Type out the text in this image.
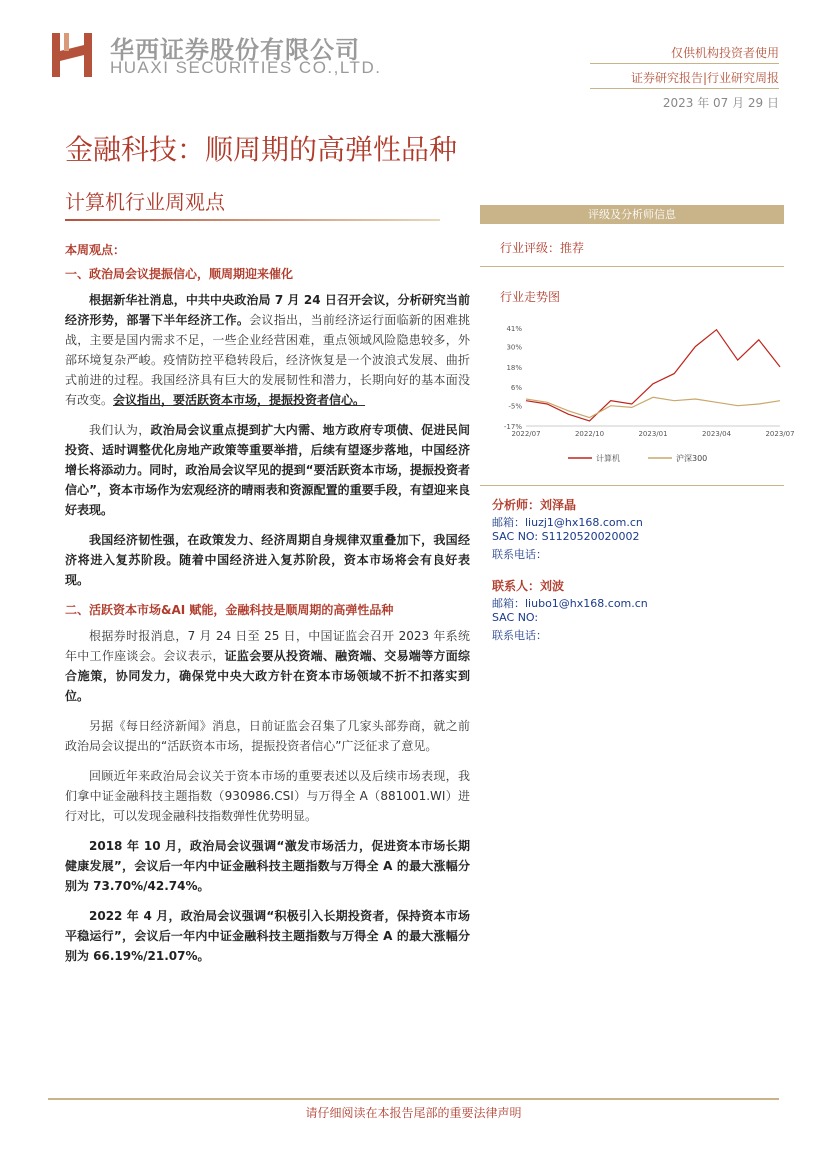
华西证券股份有限公司
HUAXI SECURITIES CO.,LTD.
仅供机构投资者使用
证券研究报告|行业研究周报
2023 年 07 月 29 日
金融科技：顺周期的高弹性品种
计算机行业周观点
评级及分析师信息
行业评级：推荐
行业走势图
41%
30%
18%
6%
-5%
-17%
2022/07	2022/10	2023/01	2023/04	2023/07
计算机	沪深300
分析师：刘泽晶
邮箱：liuzj1@hx168.com.cn
SAC NO: S1120520020002
联系电话：
联系人：刘波
邮箱：liubo1@hx168.com.cn
SAC NO:
联系电话：
本周观点：
一、政治局会议提振信心，顺周期迎来催化

根据新华社消息，中共中央政治局 7 月 24 日召开会议，分析研究当前经济形势，部署下半年经济工作。会议指出，当前经济运行面临新的困难挑战，主要是国内需求不足，一些企业经营困难，重点领域风险隐患较多，外部环境复杂严峻。疫情防控平稳转段后，经济恢复是一个波浪式发展、曲折式前进的过程。我国经济具有巨大的发展韧性和潜力，长期向好的基本面没有改变。会议指出，要活跃资本市场，提振投资者信心。

我们认为，政治局会议重点提到扩大内需、地方政府专项债、促进民间投资、适时调整优化房地产政策等重要举措，后续有望逐步落地，中国经济增长将添动力。同时，政治局会议罕见的提到“要活跃资本市场，提振投资者信心”，资本市场作为宏观经济的晴雨表和资源配置的重要手段，有望迎来良好表现。

我国经济韧性强，在政策发力、经济周期自身规律双重叠加下，我国经济将进入复苏阶段。随着中国经济进入复苏阶段，资本市场将会有良好表现。

二、活跃资本市场&AI 赋能，金融科技是顺周期的高弹性品种

根据券时报消息，7 月 24 日至 25 日，中国证监会召开 2023 年系统年中工作座谈会。会议表示，证监会要从投资端、融资端、交易端等方面综合施策，协同发力，确保党中央大政方针在资本市场领域不折不扣落实到位。

另据《每日经济新闻》消息，日前证监会召集了几家头部券商，就之前政治局会议提出的“活跃资本市场，提振投资者信心”广泛征求了意见。

回顾近年来政治局会议关于资本市场的重要表述以及后续市场表现，我们拿中证金融科技主题指数（930986.CSI）与万得全 A（881001.WI）进行对比，可以发现金融科技指数弹性优势明显。

2018 年 10 月，政治局会议强调“激发市场活力，促进资本市场长期健康发展”，会议后一年内中证金融科技主题指数与万得全 A 的最大涨幅分别为 73.70%/42.74%。

2022 年 4 月，政治局会议强调“积极引入长期投资者，保持资本市场平稳运行”，会议后一年内中证金融科技主题指数与万得全 A 的最大涨幅分别为 66.19%/21.07%。

请仔细阅读在本报告尾部的重要法律声明
